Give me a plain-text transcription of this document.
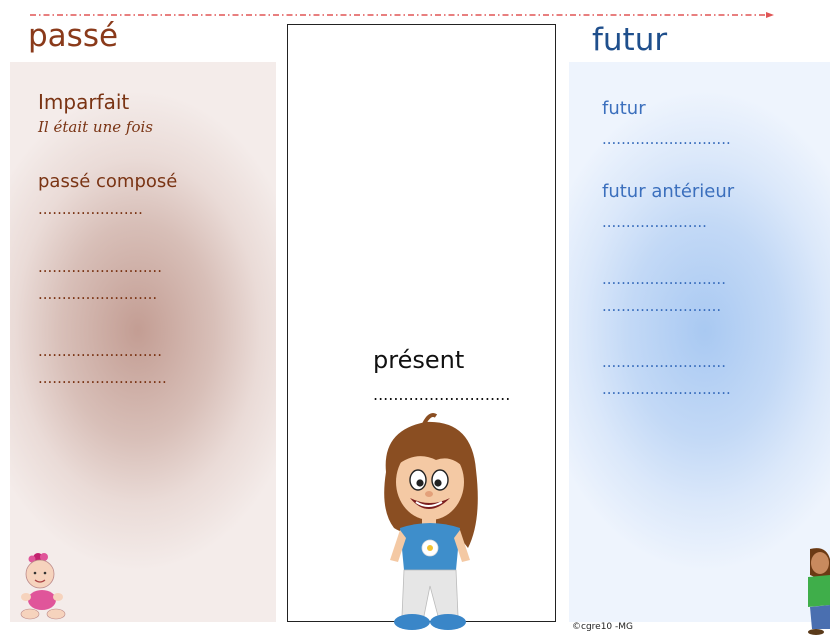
passé	futur

Imparfait

Il était une fois

passé composé

......................

..........................

.........................

..........................

...........................

présent

...........................

futur

...........................

futur antérieur

......................

..........................

.........................

..........................

...........................

©cgre10 -MG
